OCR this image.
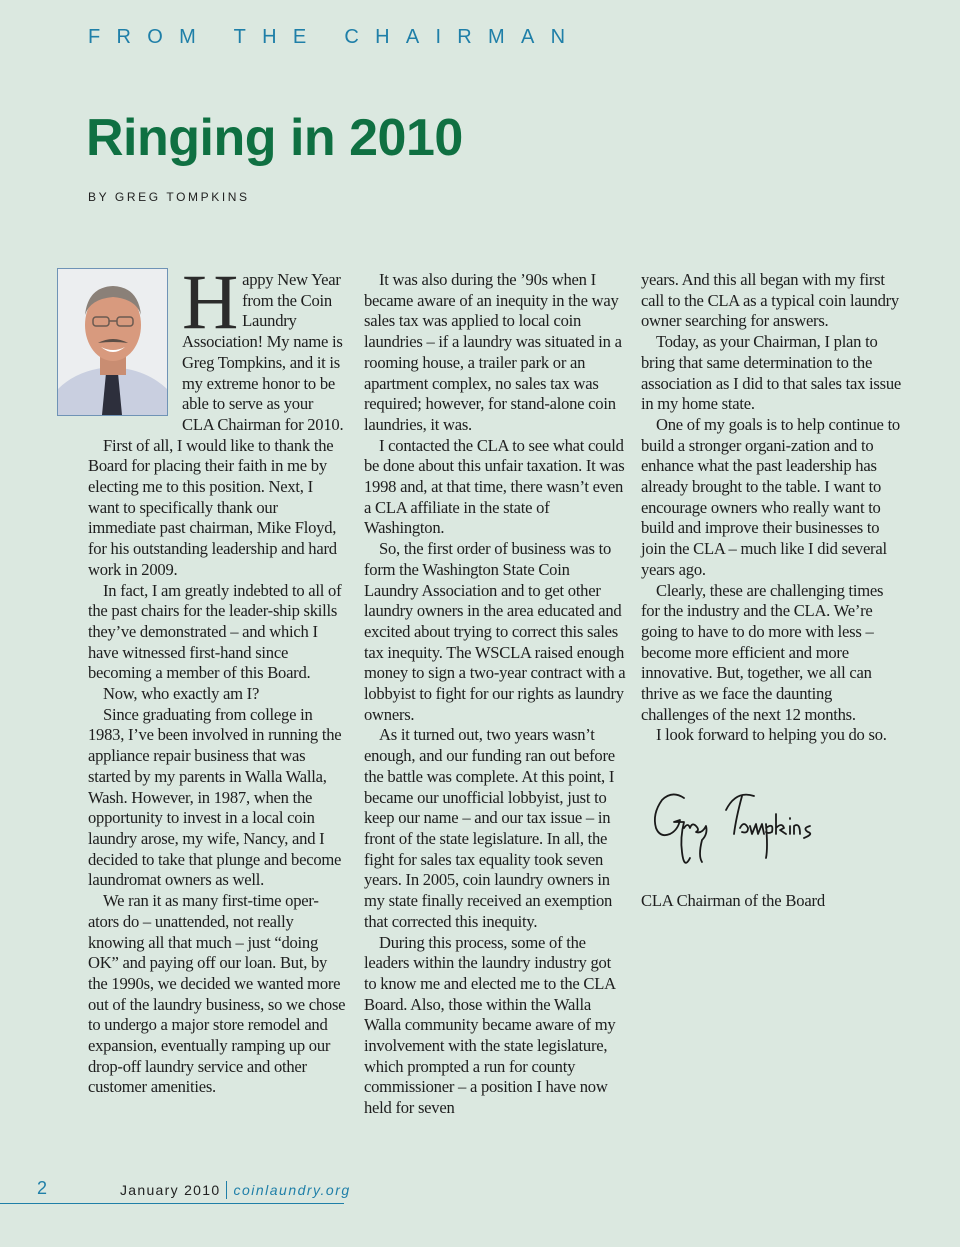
FROM THE CHAIRMAN
Ringing in 2010
BY GREG TOMPKINS

Happy New Year from the Coin Laundry Association! My name is Greg Tompkins, and it is my extreme honor to be able to serve as your CLA Chairman for 2010.

First of all, I would like to thank the Board for placing their faith in me by electing me to this position. Next, I want to specifically thank our immediate past chairman, Mike Floyd, for his outstanding leadership and hard work in 2009.

In fact, I am greatly indebted to all of the past chairs for the leader-ship skills they’ve demonstrated – and which I have witnessed first-hand since becoming a member of this Board.

Now, who exactly am I?

Since graduating from college in 1983, I’ve been involved in running the appliance repair business that was started by my parents in Walla Walla, Wash. However, in 1987, when the opportunity to invest in a local coin laundry arose, my wife, Nancy, and I decided to take that plunge and become laundromat owners as well.

We ran it as many first-time oper-ators do – unattended, not really knowing all that much – just “doing OK” and paying off our loan. But, by the 1990s, we decided we wanted more out of the laundry business, so we chose to undergo a major store remodel and expansion, eventually ramping up our drop-off laundry service and other customer amenities.

It was also during the ’90s when I became aware of an inequity in the way sales tax was applied to local coin laundries – if a laundry was situated in a rooming house, a trailer park or an apartment complex, no sales tax was required; however, for stand-alone coin laundries, it was.

I contacted the CLA to see what could be done about this unfair taxation. It was 1998 and, at that time, there wasn’t even a CLA affiliate in the state of Washington.

So, the first order of business was to form the Washington State Coin Laundry Association and to get other laundry owners in the area educated and excited about trying to correct this sales tax inequity. The WSCLA raised enough money to sign a two-year contract with a lobbyist to fight for our rights as laundry owners.

As it turned out, two years wasn’t enough, and our funding ran out before the battle was complete. At this point, I became our unofficial lobbyist, just to keep our name – and our tax issue – in front of the state legislature. In all, the fight for sales tax equality took seven years. In 2005, coin laundry owners in my state finally received an exemption that corrected this inequity.

During this process, some of the leaders within the laundry industry got to know me and elected me to the CLA Board. Also, those within the Walla Walla community became aware of my involvement with the state legislature, which prompted a run for county commissioner – a position I have now held for seven

years. And this all began with my first call to the CLA as a typical coin laundry owner searching for answers.

Today, as your Chairman, I plan to bring that same determination to the association as I did to that sales tax issue in my home state.

One of my goals is to help continue to build a stronger organi-zation and to enhance what the past leadership has already brought to the table. I want to encourage owners who really want to build and improve their businesses to join the CLA – much like I did several years ago.

Clearly, these are challenging times for the industry and the CLA. We’re going to have to do more with less – become more efficient and more innovative. But, together, we all can thrive as we face the daunting challenges of the next 12 months.

I look forward to helping you do so.

CLA Chairman of the Board
2	January 2010 coinlaundry.org
